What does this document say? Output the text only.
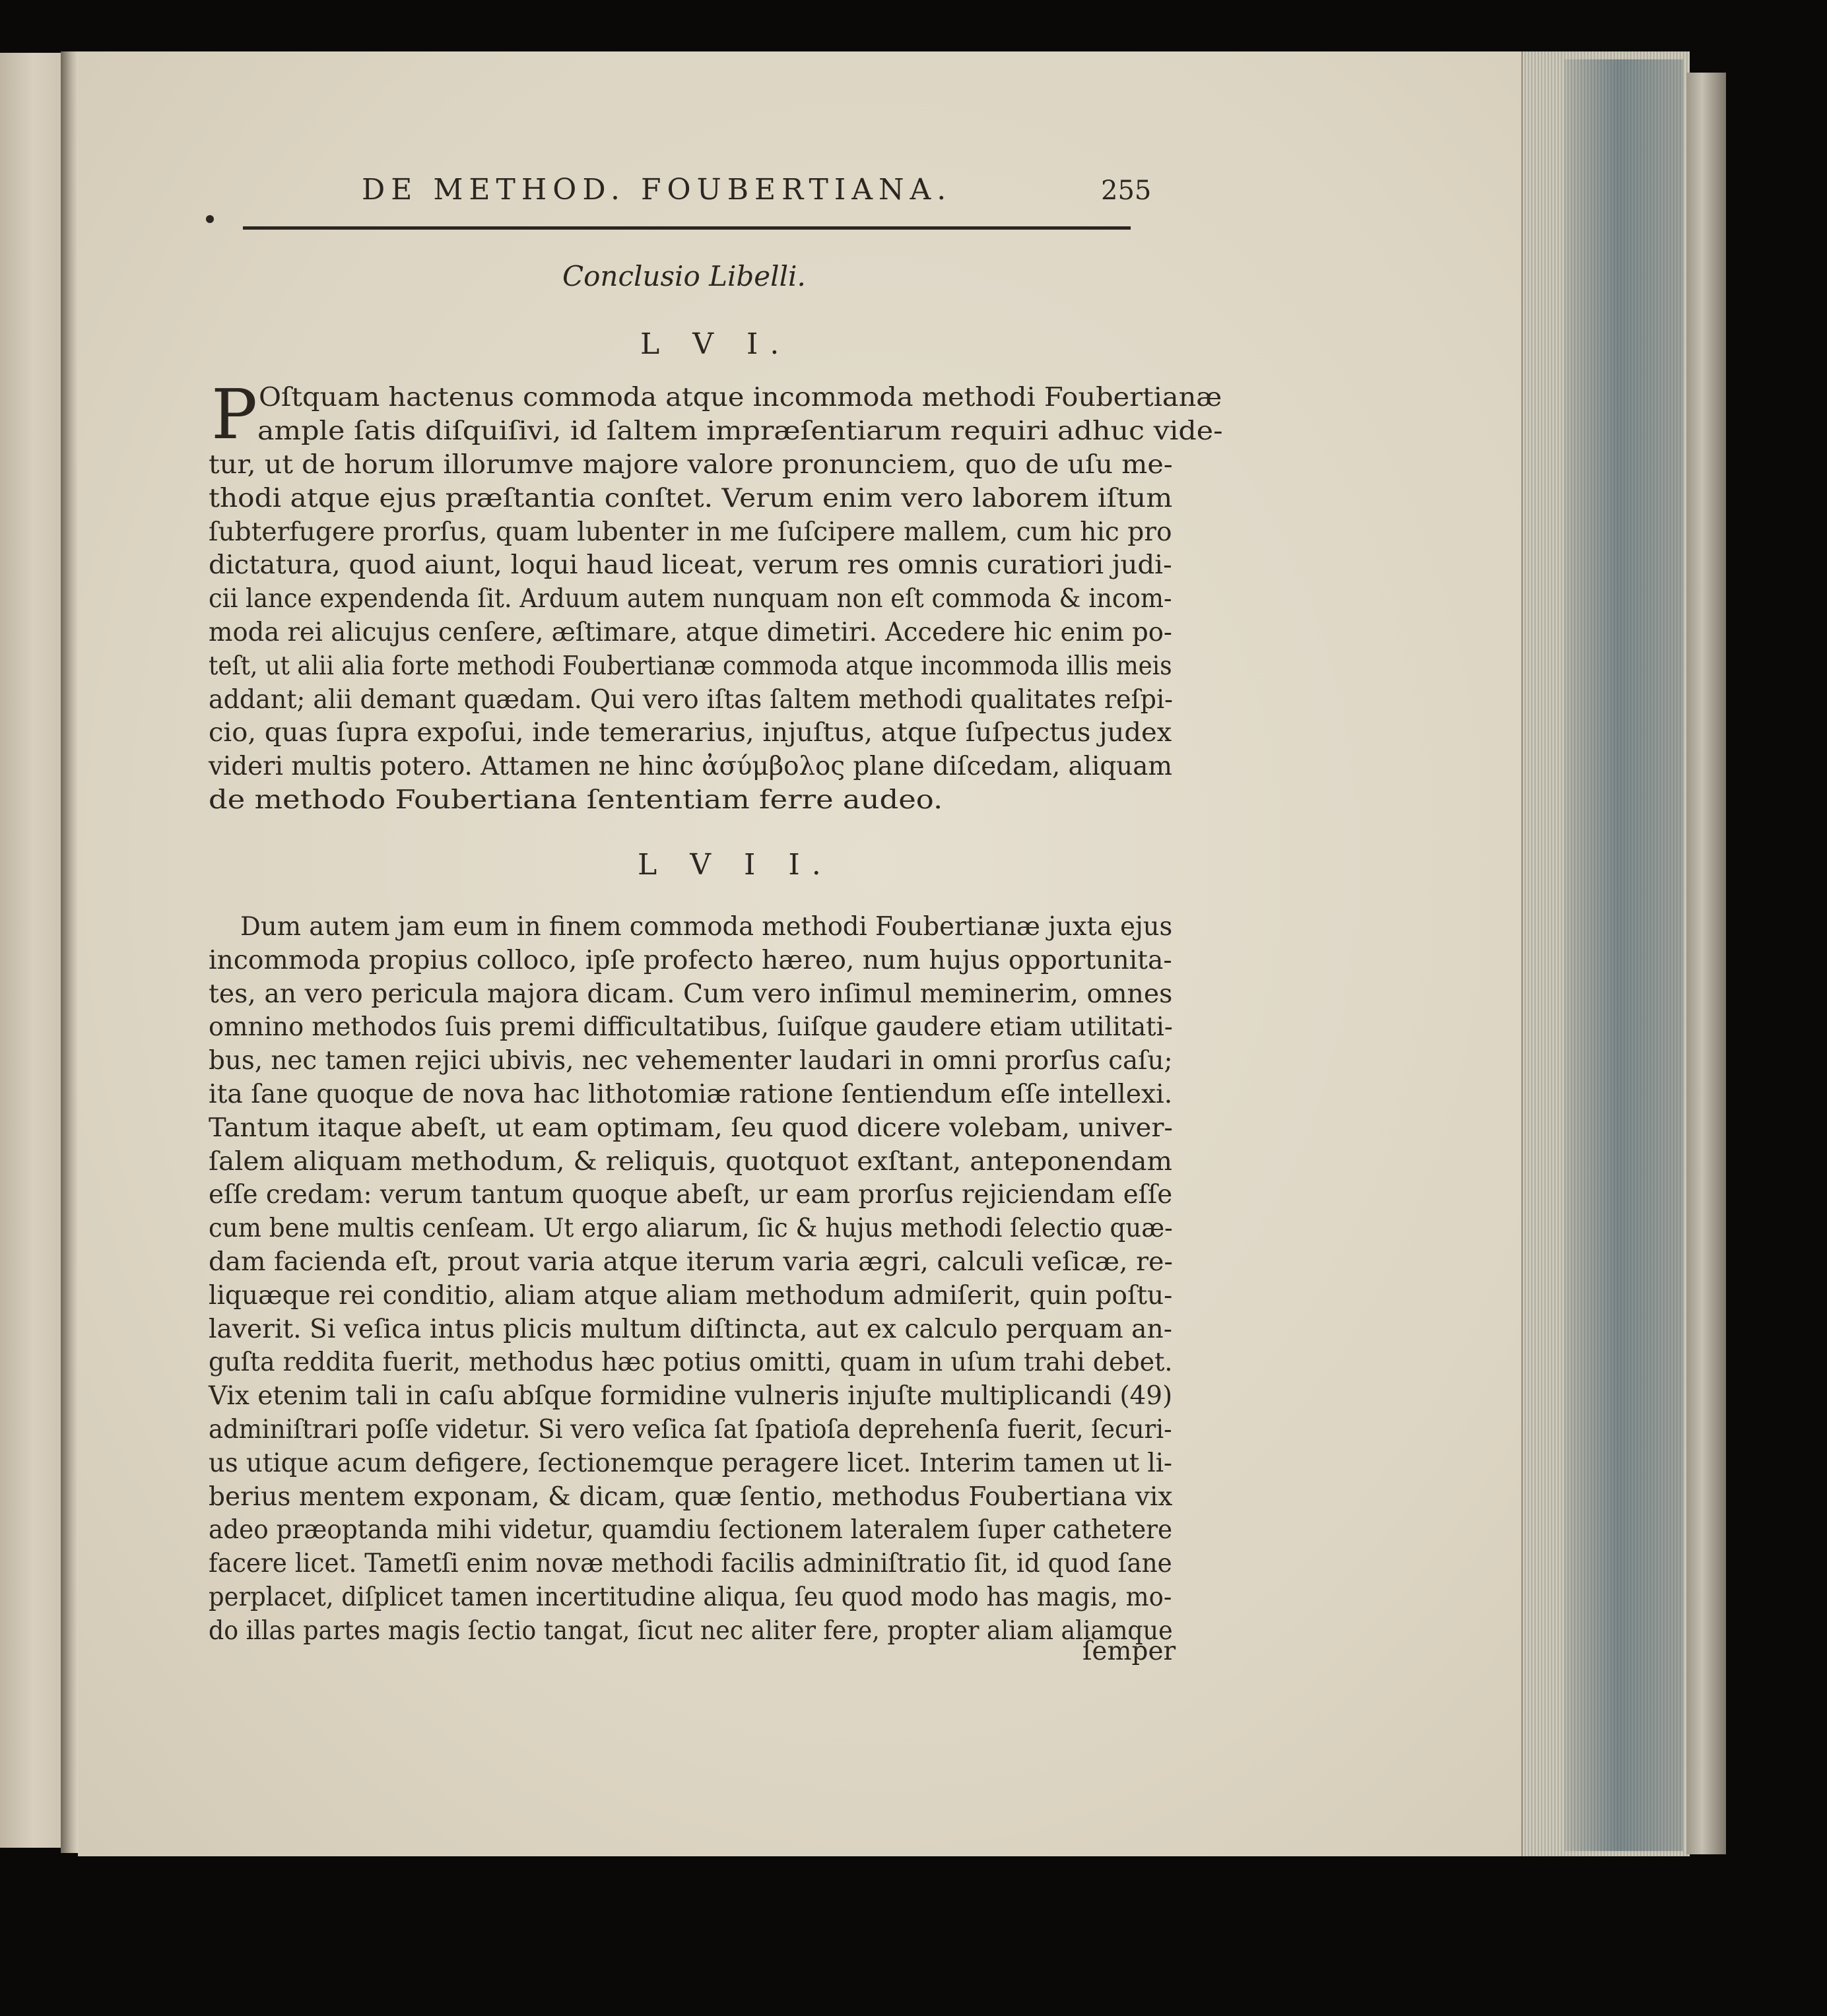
DE METHOD. FOUBERTIANA.	255
Conclusio Libelli.
L V I.
P Oſtquam hactenus commoda atque incommoda methodi Foubertianæ
ample ſatis diſquiſivi, id ſaltem impræſentiarum requiri adhuc vide-
tur, ut de horum illorumve majore valore pronunciem, quo de uſu me-
thodi atque ejus præſtantia conſtet. Verum enim vero laborem iſtum
ſubterfugere prorſus, quam lubenter in me ſuſcipere mallem, cum hic pro
dictatura, quod aiunt, loqui haud liceat, verum res omnis curatiori judi-
cii lance expendenda ſit. Arduum autem nunquam non eſt commoda & incom-
moda rei alicujus cenſere, æſtimare, atque dimetiri. Accedere hic enim po-
teſt, ut alii alia forte methodi Foubertianæ commoda atque incommoda illis meis
addant; alii demant quædam. Qui vero iſtas ſaltem methodi qualitates reſpi-
cio, quas ſupra expoſui, inde temerarius, injuſtus, atque ſuſpectus judex
videri multis potero. Attamen ne hinc ἀσύμβολος plane diſcedam, aliquam
de methodo Foubertiana ſententiam ferre audeo.
L V I I.
Dum autem jam eum in finem commoda methodi Foubertianæ juxta ejus
incommoda propius colloco, ipſe profecto hæreo, num hujus opportunita-
tes, an vero pericula majora dicam. Cum vero inſimul meminerim, omnes
omnino methodos ſuis premi difficultatibus, ſuiſque gaudere etiam utilitati-
bus, nec tamen rejici ubivis, nec vehementer laudari in omni prorſus caſu;
ita ſane quoque de nova hac lithotomiæ ratione ſentiendum eſſe intellexi.
Tantum itaque abeſt, ut eam optimam, ſeu quod dicere volebam, univer-
ſalem aliquam methodum, & reliquis, quotquot exſtant, anteponendam
eſſe credam: verum tantum quoque abeſt, ur eam prorſus rejiciendam eſſe
cum bene multis cenſeam. Ut ergo aliarum, ſic & hujus methodi ſelectio quæ-
dam facienda eſt, prout varia atque iterum varia ægri, calculi veſicæ, re-
liquæque rei conditio, aliam atque aliam methodum admiſerit, quin poſtu-
laverit. Si veſica intus plicis multum diſtincta, aut ex calculo perquam an-
guſta reddita fuerit, methodus hæc potius omitti, quam in uſum trahi debet.
Vix etenim tali in caſu abſque formidine vulneris injuſte multiplicandi (49)
adminiſtrari poſſe videtur. Si vero veſica ſat ſpatioſa deprehenſa fuerit, ſecuri-
us utique acum defigere, ſectionemque peragere licet. Interim tamen ut li-
berius mentem exponam, & dicam, quæ ſentio, methodus Foubertiana vix
adeo præoptanda mihi videtur, quamdiu ſectionem lateralem ſuper cathetere
facere licet. Tametſi enim novæ methodi facilis adminiſtratio ſit, id quod ſane
perplacet, diſplicet tamen incertitudine aliqua, ſeu quod modo has magis, mo-
do illas partes magis ſectio tangat, ſicut nec aliter fere, propter aliam aliamque
ſemper
